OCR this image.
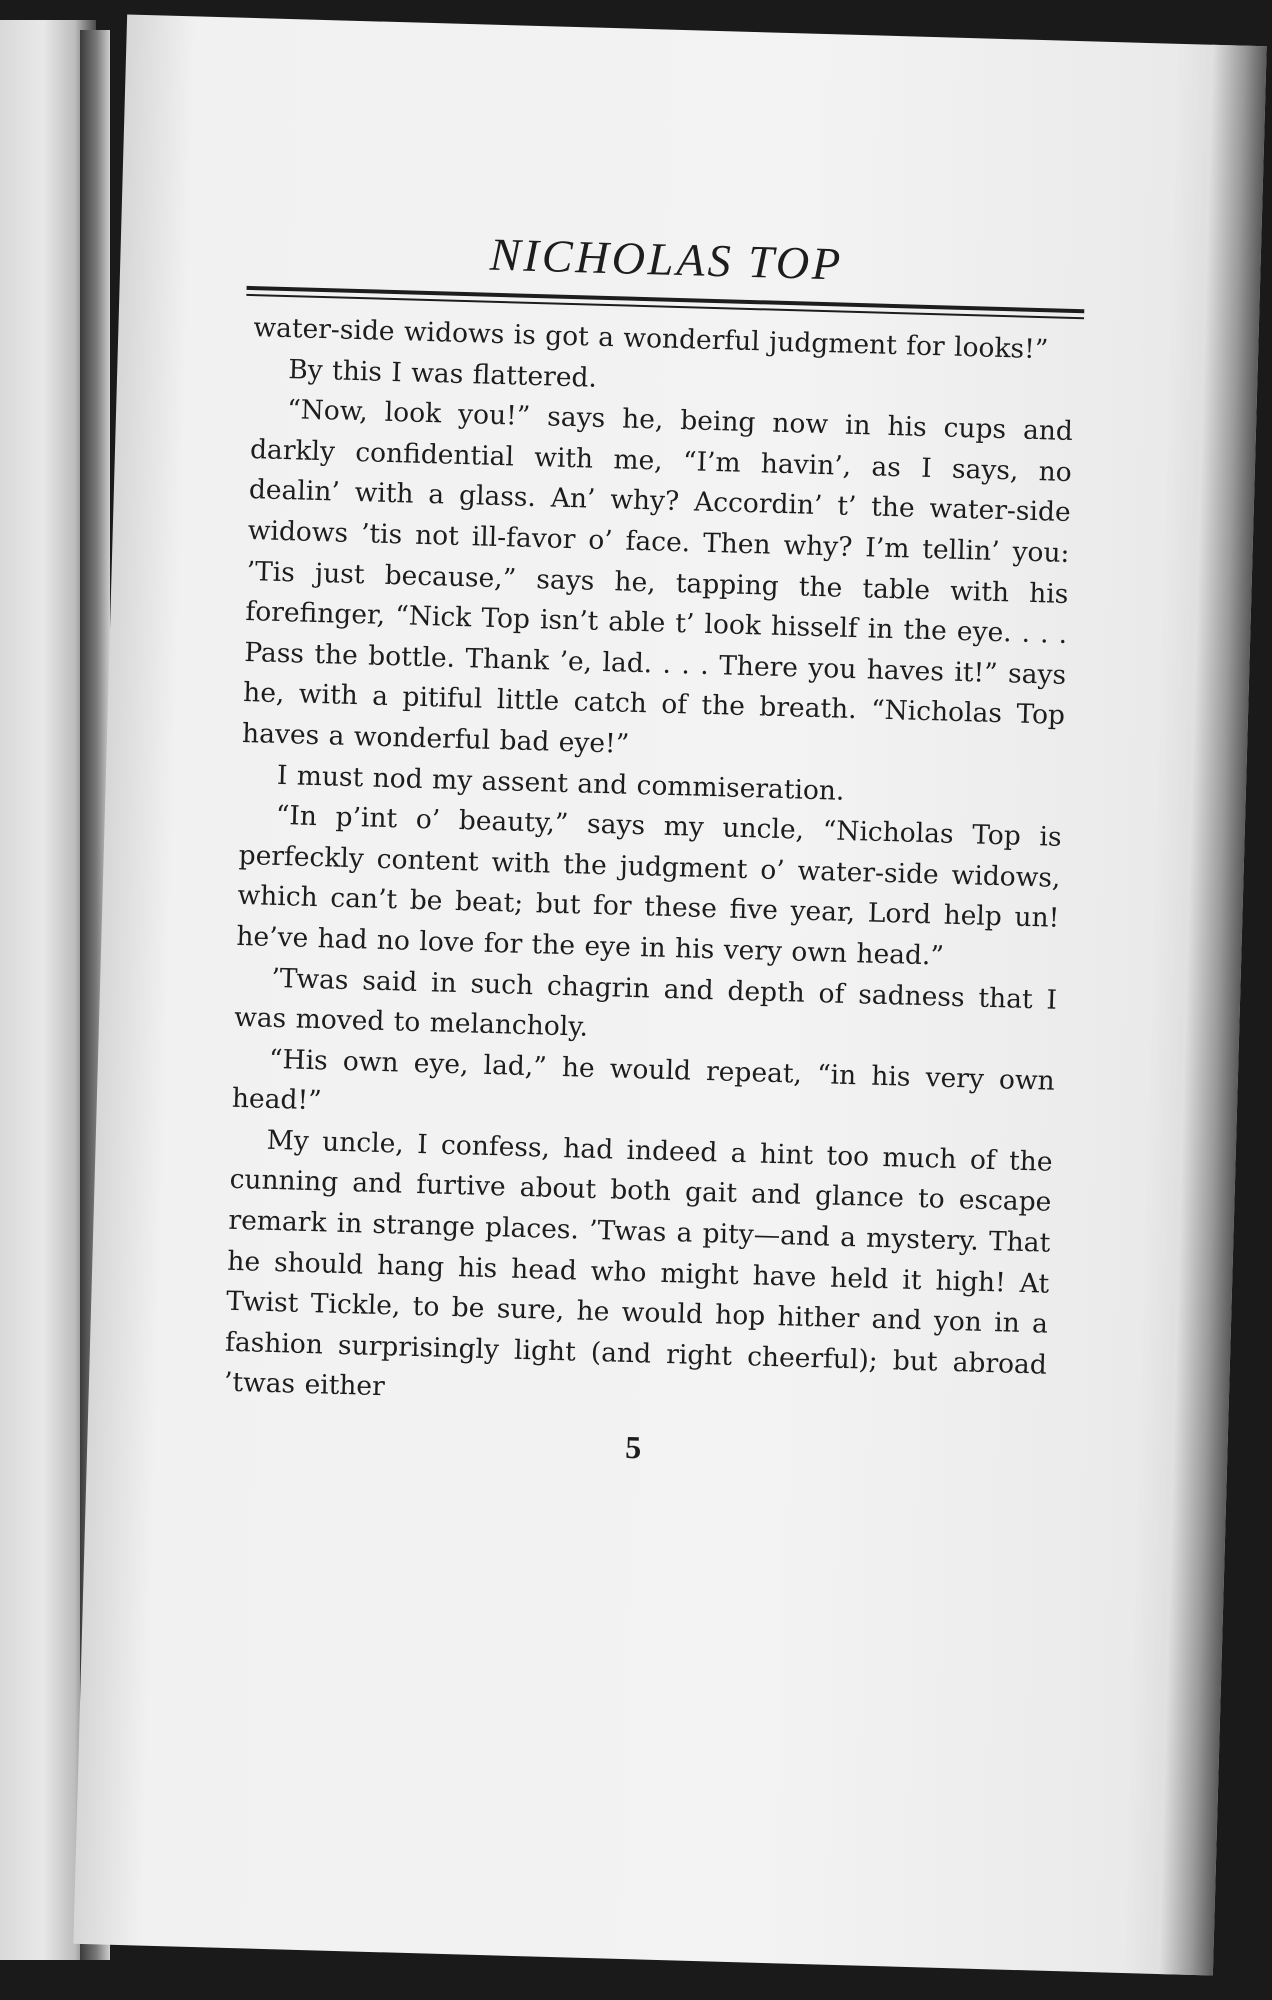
NICHOLAS TOP

water-side widows is got a wonderful judgment for looks!”

By this I was flattered.

“Now, look you!” says he, being now in his cups and darkly confidential with me, “I’m havin’, as I says, no dealin’ with a glass. An’ why? Accordin’ t’ the water-side widows ’tis not ill-favor o’ face. Then why? I’m tellin’ you: ’Tis just because,” says he, tapping the table with his forefinger, “Nick Top isn’t able t’ look hisself in the eye. . . . Pass the bottle. Thank ’e, lad. . . . There you haves it!” says he, with a pitiful little catch of the breath. “Nicholas Top haves a wonderful bad eye!”

I must nod my assent and commiseration.

“In p’int o’ beauty,” says my uncle, “Nicholas Top is perfeckly content with the judgment o’ water-side widows, which can’t be beat; but for these five year, Lord help un! he’ve had no love for the eye in his very own head.”

’Twas said in such chagrin and depth of sadness that I was moved to melancholy.

“His own eye, lad,” he would repeat, “in his very own head!”

My uncle, I confess, had indeed a hint too much of the cunning and furtive about both gait and glance to escape remark in strange places. ’Twas a pity—and a mystery. That he should hang his head who might have held it high! At Twist Tickle, to be sure, he would hop hither and yon in a fashion surprisingly light (and right cheerful); but abroad ’twas either

5
